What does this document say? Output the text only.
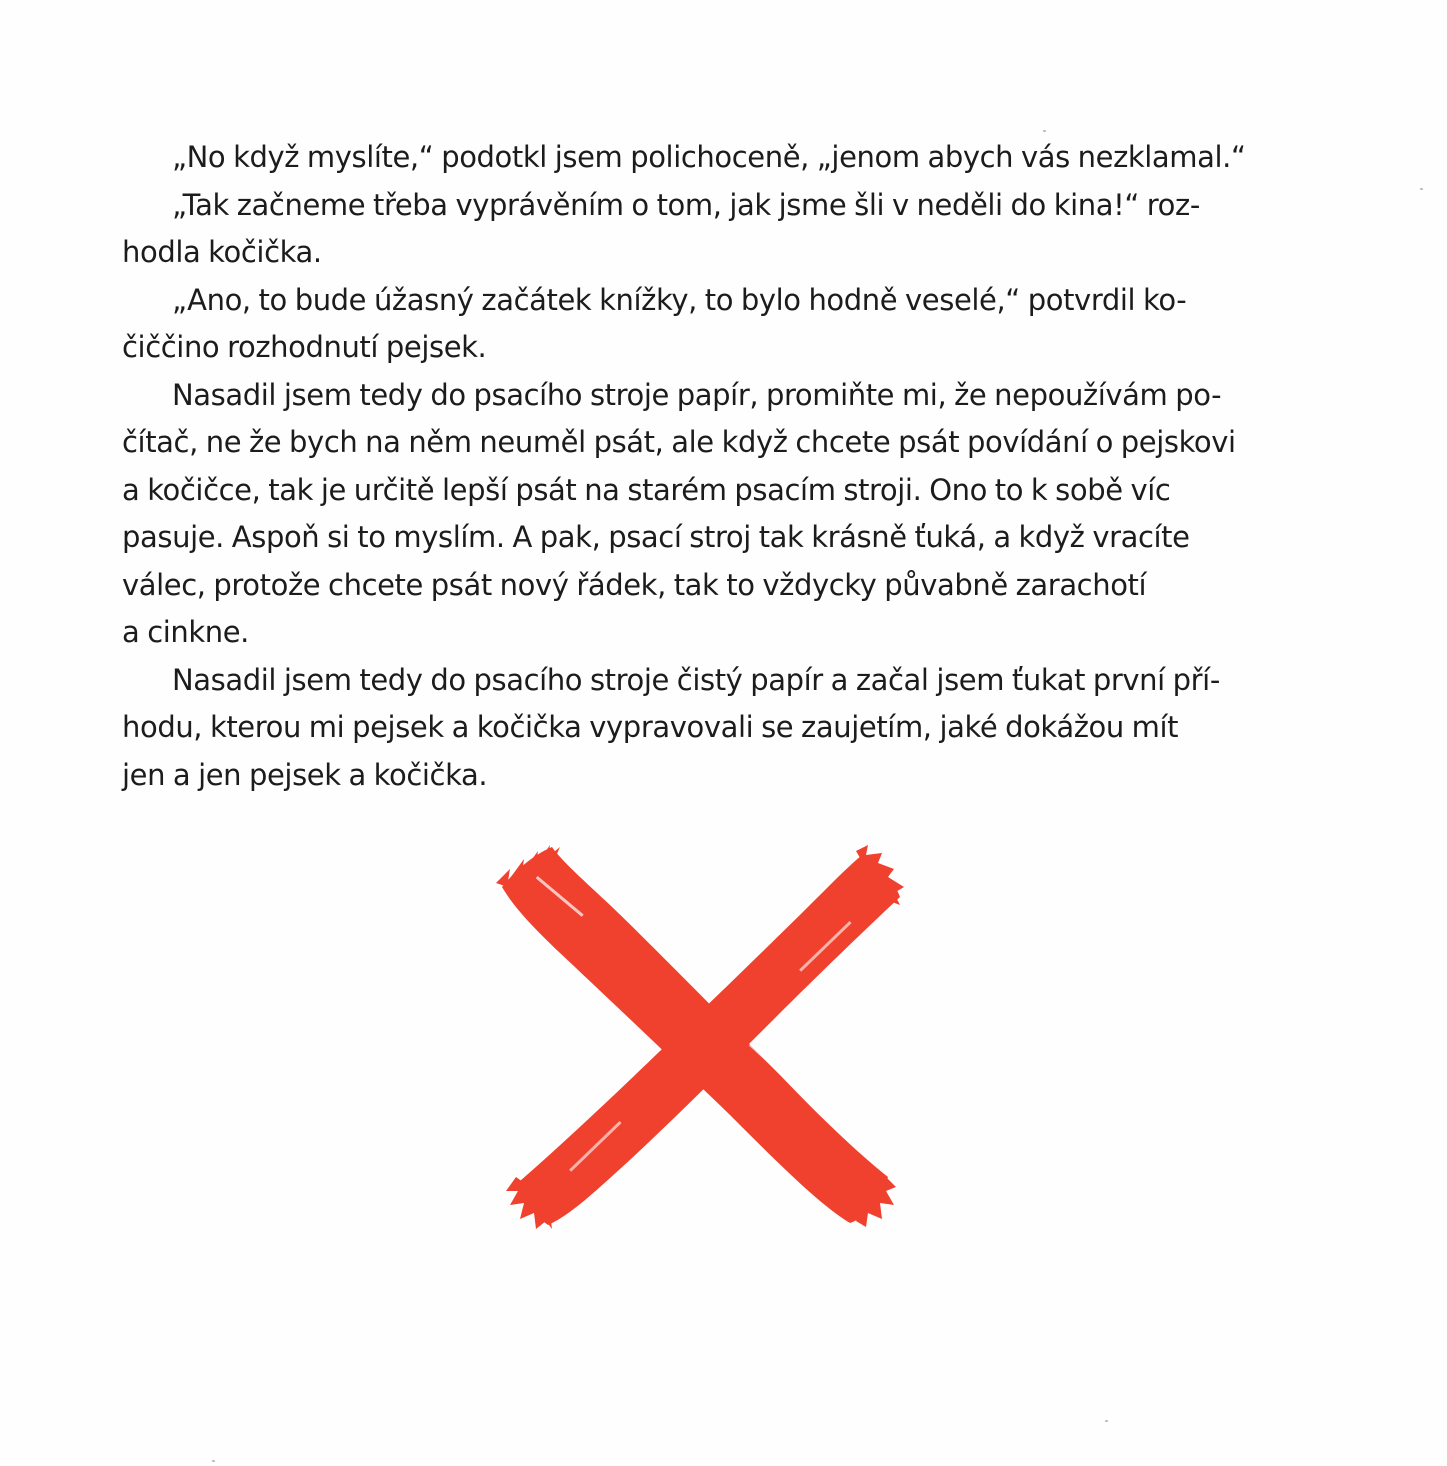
„No když myslíte,“ podotkl jsem polichoceně, „jenom abych vás nezklamal.“

„Tak začneme třeba vyprávěním o tom, jak jsme šli v neděli do kina!“ roz-
hodla kočička.

„Ano, to bude úžasný začátek knížky, to bylo hodně veselé,“ potvrdil ko-
čiččino rozhodnutí pejsek.

Nasadil jsem tedy do psacího stroje papír, promiňte mi, že nepoužívám po-
čítač, ne že bych na něm neuměl psát, ale když chcete psát povídání o pejskovi
a kočičce, tak je určitě lepší psát na starém psacím stroji. Ono to k sobě víc
pasuje. Aspoň si to myslím. A pak, psací stroj tak krásně ťuká, a když vracíte
válec, protože chcete psát nový řádek, tak to vždycky půvabně zarachotí
a cinkne.

Nasadil jsem tedy do psacího stroje čistý papír a začal jsem ťukat první pří-
hodu, kterou mi pejsek a kočička vypravovali se zaujetím, jaké dokážou mít
jen a jen pejsek a kočička.
